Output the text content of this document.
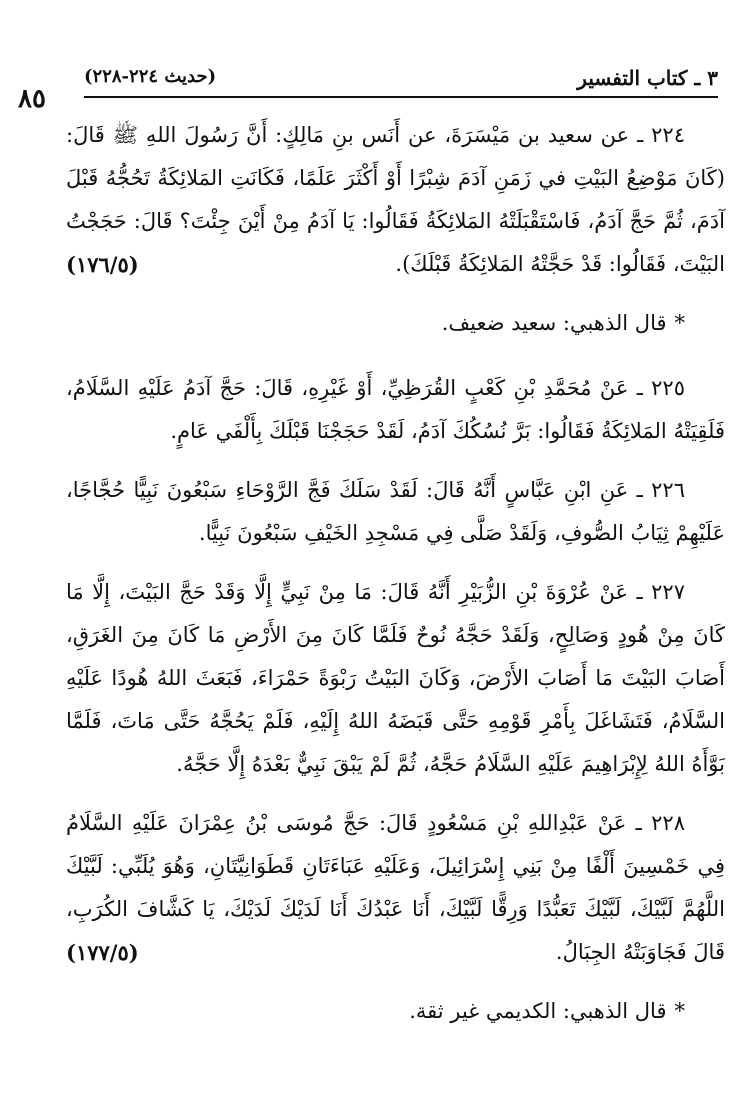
٨٥
(حديث ٢٢٤-٢٢٨)	٣ ـ كتاب التفسير

٢٢٤ ـ عن سعيد بن مَيْسَرَةَ، عن أَنَس بنِ مَالِكٍ: أَنَّ رَسُولَ اللهِ ﷺ قَالَ: (كَانَ مَوْضِعُ البَيْتِ في زَمَنِ آدَمَ شِبْرًا أَوْ أَكْثَرَ عَلَمًا، فَكَانَتِ المَلائِكَةُ تَحُجُّهُ قَبْلَ آدَمَ، ثُمَّ حَجَّ آدَمُ، فَاسْتَقْبَلَتْهُ المَلائِكَةُ فَقَالُوا: يَا آدَمُ مِنْ أَيْنَ جِئْتَ؟ قَالَ: حَجَجْتُ البَيْتَ، فَقَالُوا: قَدْ حَجَّتْهُ المَلائِكَةُ قَبْلَكَ).
(١٧٦/٥)

*قال الذهبي: سعيد ضعيف.

٢٢٥ ـ عَنْ مُحَمَّدِ بْنِ كَعْبٍ القُرَظِيِّ، أَوْ غَيْرِهِ، قَالَ: حَجَّ آدَمُ عَلَيْهِ السَّلَامُ، فَلَقِيَتْهُ المَلائِكَةُ فَقَالُوا: بَرَّ نُسُكُكَ آدَمُ، لَقَدْ حَجَجْنَا قَبْلَكَ بِأَلْفَي عَامٍ.

٢٢٦ ـ عَنِ ابْنِ عَبَّاسٍ أَنَّهُ قَالَ: لَقَدْ سَلَكَ فَجَّ الرَّوْحَاءِ سَبْعُونَ نَبِيًّا حُجَّاجًا، عَلَيْهِمْ ثِيَابُ الصُّوفِ، وَلَقَدْ صَلَّى فِي مَسْجِدِ الخَيْفِ سَبْعُونَ نَبِيًّا.

٢٢٧ ـ عَنْ عُرْوَةَ بْنِ الزُّبَيْرِ أَنَّهُ قَالَ: مَا مِنْ نَبِيٍّ إِلَّا وَقَدْ حَجَّ البَيْتَ، إِلَّا مَا كَانَ مِنْ هُودٍ وَصَالِحٍ، وَلَقَدْ حَجَّهُ نُوحٌ فَلَمَّا كَانَ مِنَ الأَرْضِ مَا كَانَ مِنَ الغَرَقِ، أَصَابَ البَيْتَ مَا أَصَابَ الأَرْضَ، وَكَانَ البَيْتُ رَبْوَةً حَمْرَاءَ، فَبَعَثَ اللهُ هُودًا عَلَيْهِ السَّلَامُ، فَتَشَاغَلَ بِأَمْرِ قَوْمِهِ حَتَّى قَبَضَهُ اللهُ إِلَيْهِ، فَلَمْ يَحُجَّهُ حَتَّى مَاتَ، فَلَمَّا بَوَّأَهُ اللهُ لِإِبْرَاهِيمَ عَلَيْهِ السَّلَامُ حَجَّهُ، ثُمَّ لَمْ يَبْقَ نَبِيٌّ بَعْدَهُ إِلَّا حَجَّهُ.

٢٢٨ ـ عَنْ عَبْدِاللهِ بْنِ مَسْعُودٍ قَالَ: حَجَّ مُوسَى بْنُ عِمْرَانَ عَلَيْهِ السَّلَامُ فِي خَمْسِينَ أَلْفًا مِنْ بَنِي إِسْرَائِيلَ، وَعَلَيْهِ عَبَاءَتَانِ قَطَوَانِيَّتَانِ، وَهُوَ يُلَبِّي: لَبَّيْكَ اللَّهُمَّ لَبَّيْكَ، لَبَّيْكَ تَعَبُّدًا وَرِقًّا لَبَّيْكَ، أَنَا عَبْدُكَ أَنَا لَدَيْكَ لَدَيْكَ، يَا كَشَّافَ الكُرَبِ، قَالَ فَجَاوَبَتْهُ الجِبَالُ.
(١٧٧/٥)

*قال الذهبي: الكديمي غير ثقة.
